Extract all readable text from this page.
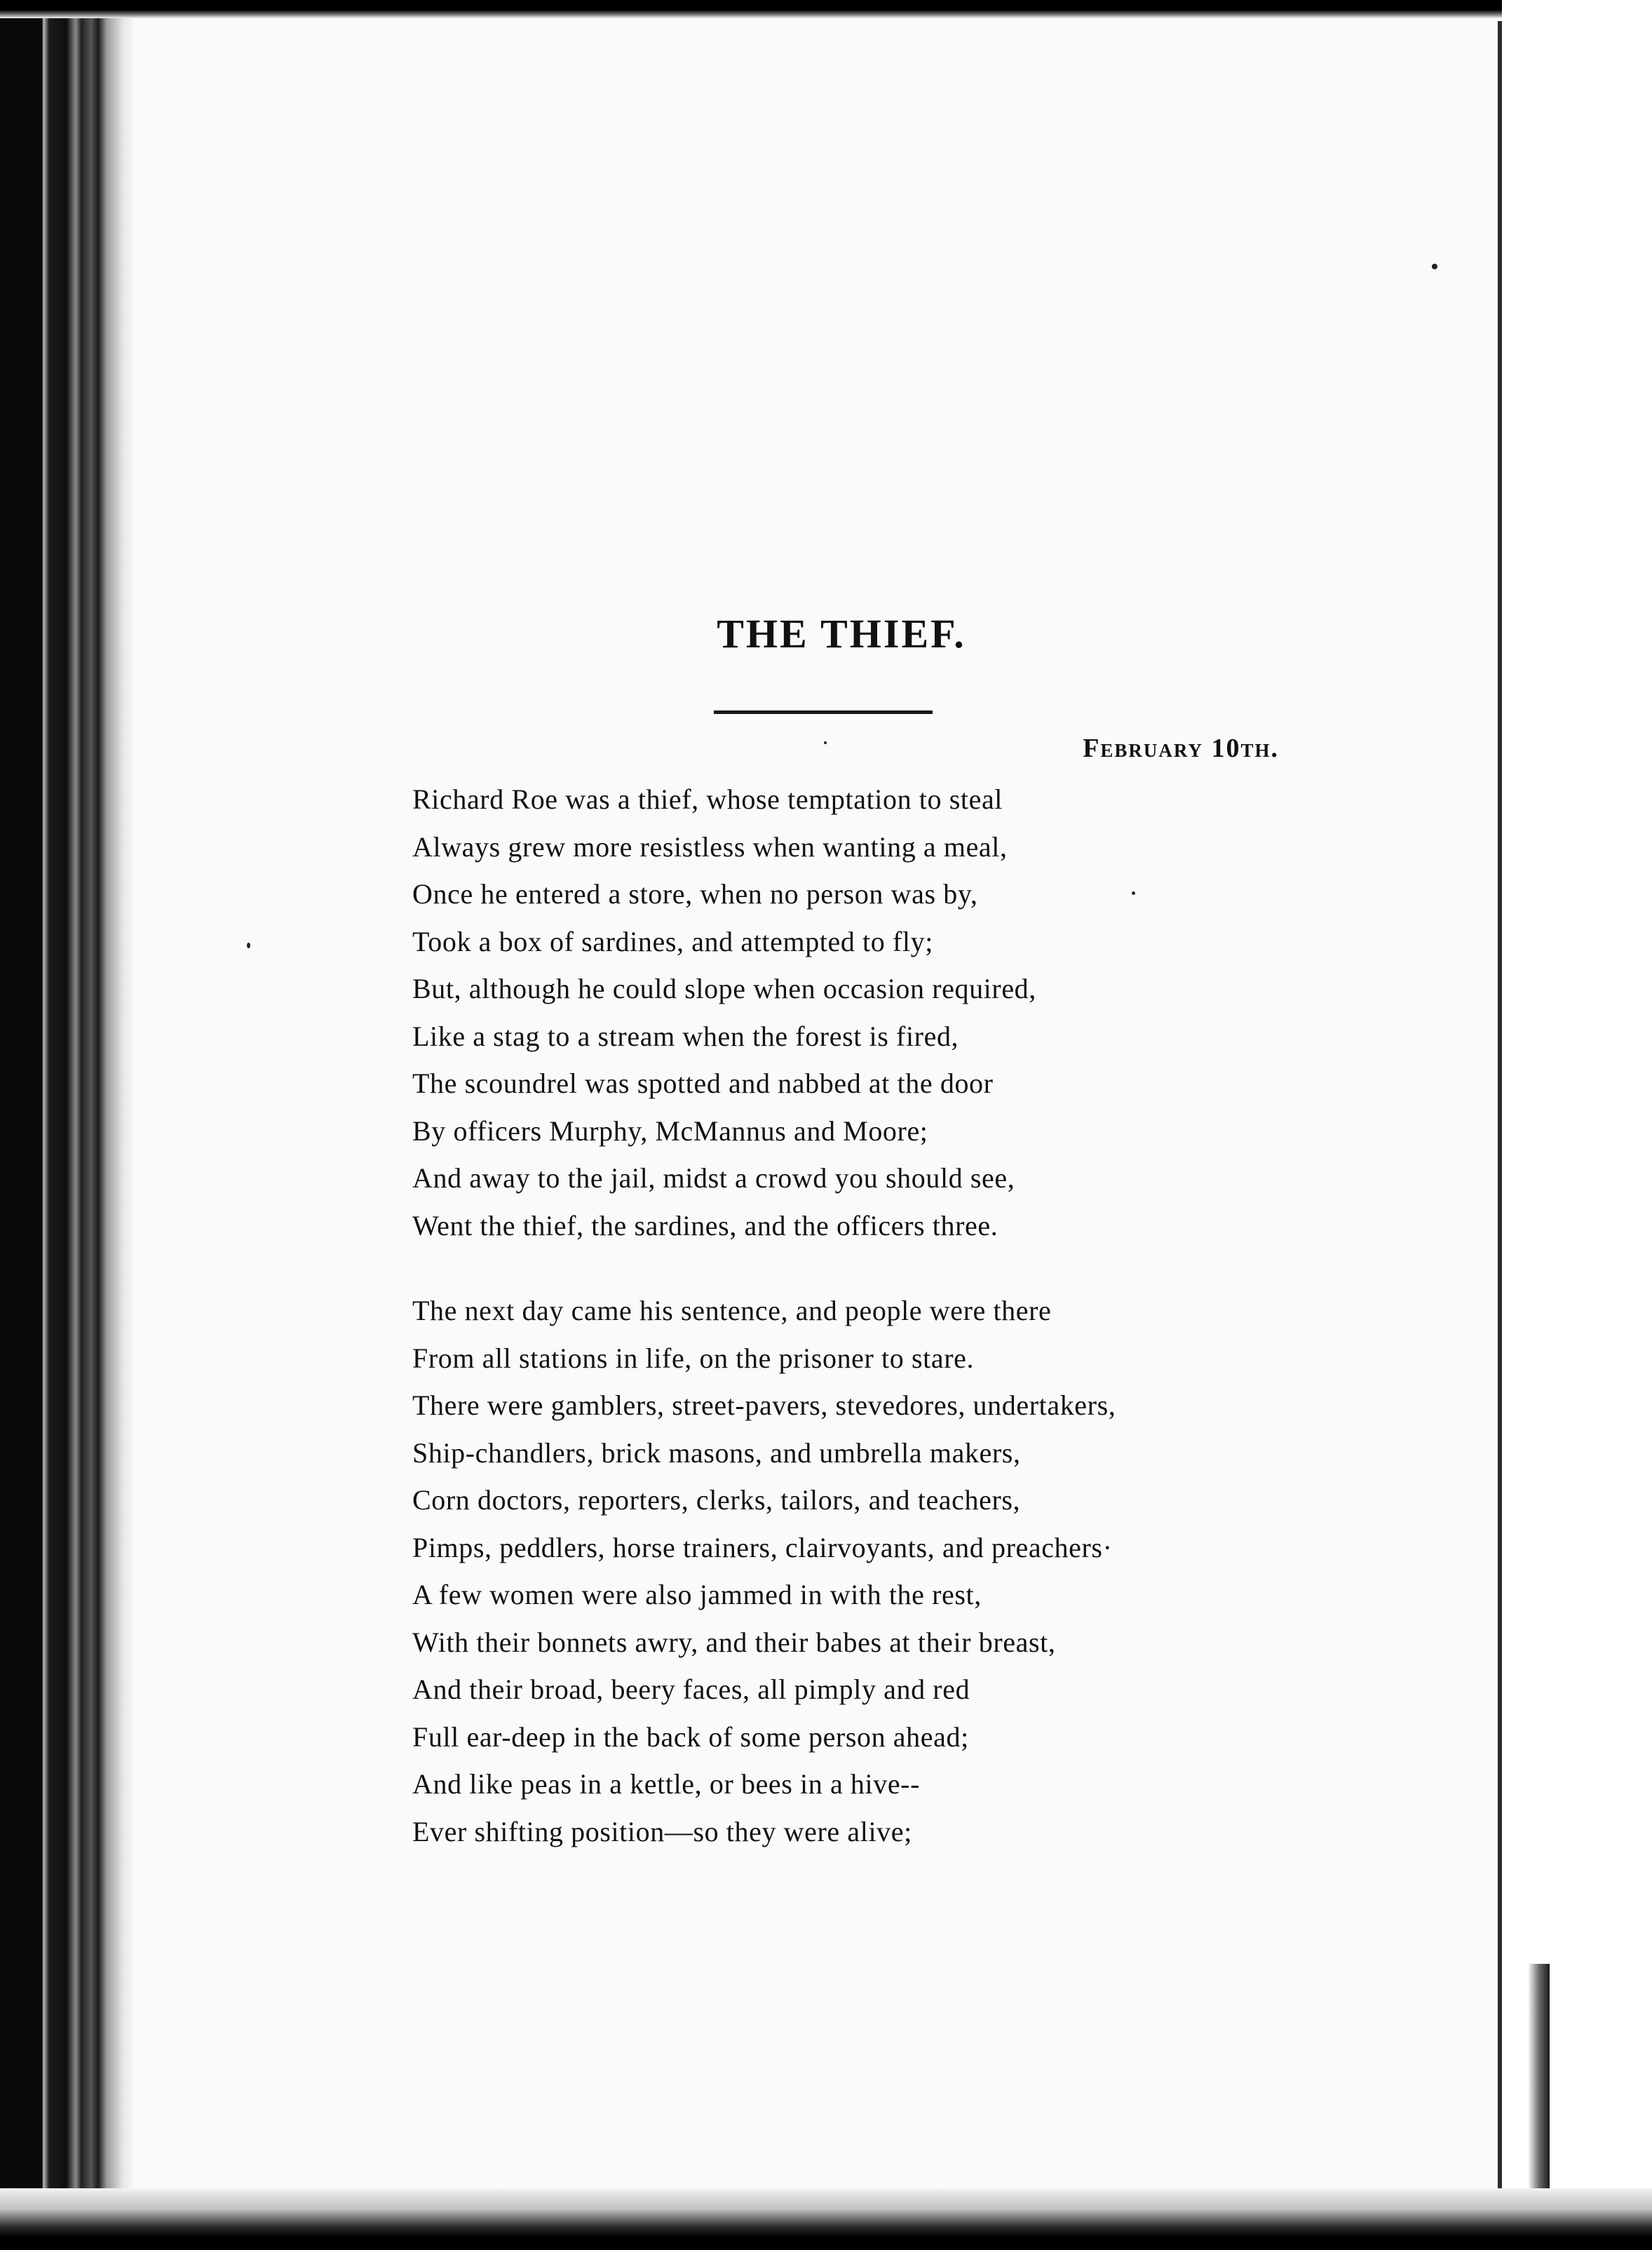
THE THIEF.
February 10th.
Richard Roe was a thief, whose temptation to steal
Always grew more resistless when wanting a meal,
Once he entered a store, when no person was by,
Took a box of sardines, and attempted to fly;
But, although he could slope when occasion required,
Like a stag to a stream when the forest is fired,
The scoundrel was spotted and nabbed at the door
By officers Murphy, McMannus and Moore;
And away to the jail, midst a crowd you should see,
Went the thief, the sardines, and the officers three.
The next day came his sentence, and people were there
From all stations in life, on the prisoner to stare.
There were gamblers, street-pavers, stevedores, undertakers,
Ship-chandlers, brick masons, and umbrella makers,
Corn doctors, reporters, clerks, tailors, and teachers,
Pimps, peddlers, horse trainers, clairvoyants, and preachers·
A few women were also jammed in with the rest,
With their bonnets awry, and their babes at their breast,
And their broad, beery faces, all pimply and red
Full ear-deep in the back of some person ahead;
And like peas in a kettle, or bees in a hive--
Ever shifting position—so they were alive;
